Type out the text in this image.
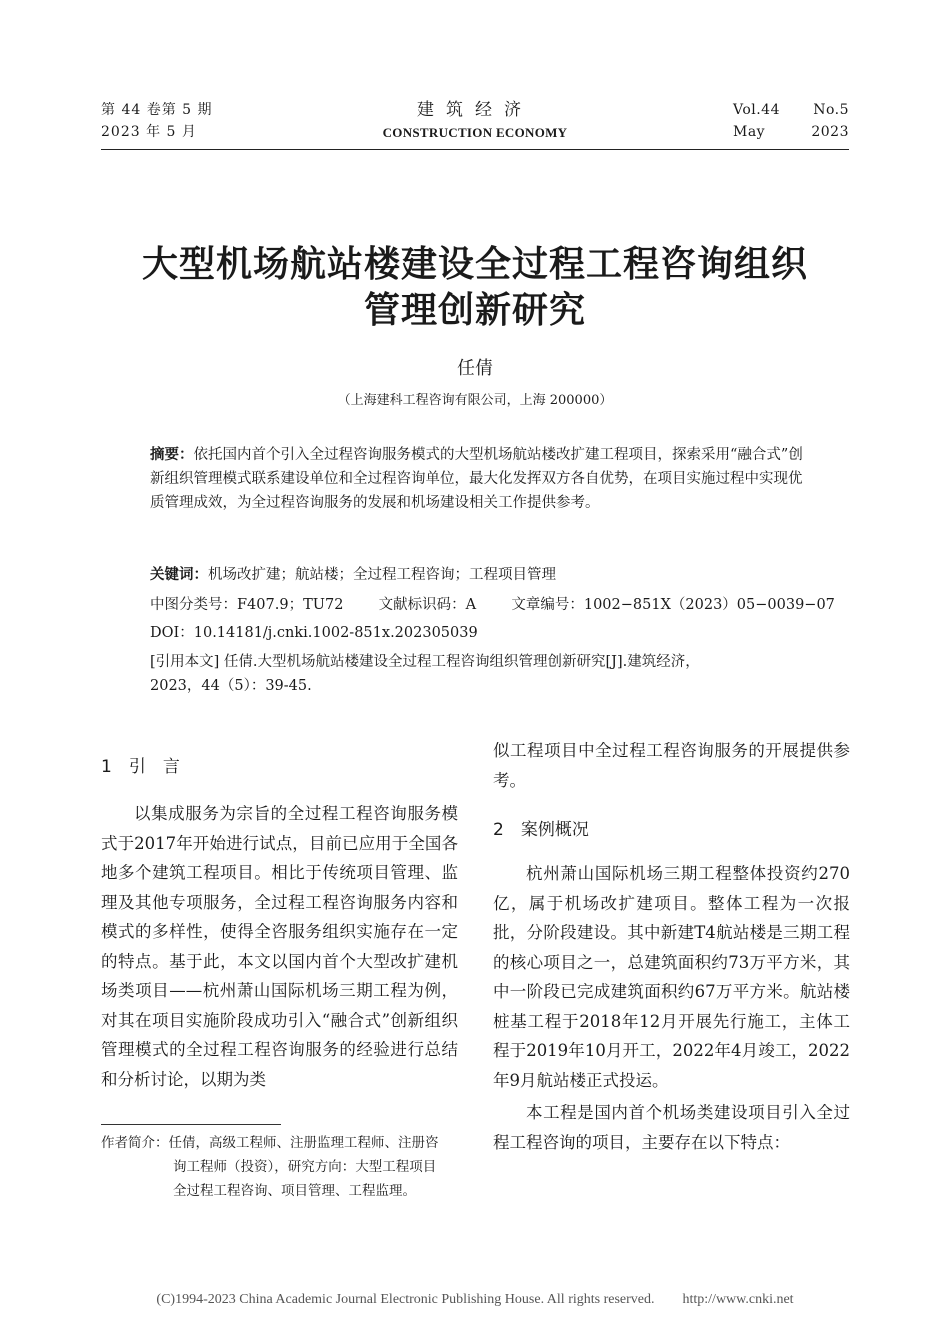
第 44 卷第 5 期
2023 年 5 月
建筑经济
CONSTRUCTION ECONOMY
Vol.44 No.5
May	2023
大型机场航站楼建设全过程工程咨询组织
管理创新研究
任倩
（上海建科工程咨询有限公司，上海 200000）
摘要：依托国内首个引入全过程咨询服务模式的大型机场航站楼改扩建工程项目，探索采用“融合式”创新组织管理模式联系建设单位和全过程咨询单位，最大化发挥双方各自优势，在项目实施过程中实现优质管理成效，为全过程咨询服务的发展和机场建设相关工作提供参考。
关键词：机场改扩建；航站楼；全过程工程咨询；工程项目管理
中图分类号：F407.9；TU72 文献标识码：A 文章编号：1002−851X（2023）05−0039−07
DOI：10.14181/j.cnki.1002-851x.202305039
[引用本文] 任倩.大型机场航站楼建设全过程工程咨询组织管理创新研究[J].建筑经济，
2023，44（5）：39-45.
1　引　言

以集成服务为宗旨的全过程工程咨询服务模式于2017年开始进行试点，目前已应用于全国各地多个建筑工程项目。相比于传统项目管理、监理及其他专项服务，全过程工程咨询服务内容和模式的多样性，使得全咨服务组织实施存在一定的特点。基于此，本文以国内首个大型改扩建机场类项目——杭州萧山国际机场三期工程为例，对其在项目实施阶段成功引入“融合式”创新组织管理模式的全过程工程咨询服务的经验进行总结和分析讨论，以期为类

作者简介：任倩，高级工程师、注册监理工程师、注册咨
询工程师（投资），研究方向：大型工程项目
全过程工程咨询、项目管理、工程监理。

似工程项目中全过程工程咨询服务的开展提供参考。

2　案例概况

杭州萧山国际机场三期工程整体投资约270亿，属于机场改扩建项目。整体工程为一次报批，分阶段建设。其中新建T4航站楼是三期工程的核心项目之一，总建筑面积约73万平方米，其中一阶段已完成建筑面积约67万平方米。航站楼桩基工程于2018年12月开展先行施工，主体工程于2019年10月开工，2022年4月竣工，2022年9月航站楼正式投运。

本工程是国内首个机场类建设项目引入全过程工程咨询的项目，主要存在以下特点：

(C)1994-2023 China Academic Journal Electronic Publishing House. All rights reserved.　　http://www.cnki.net
